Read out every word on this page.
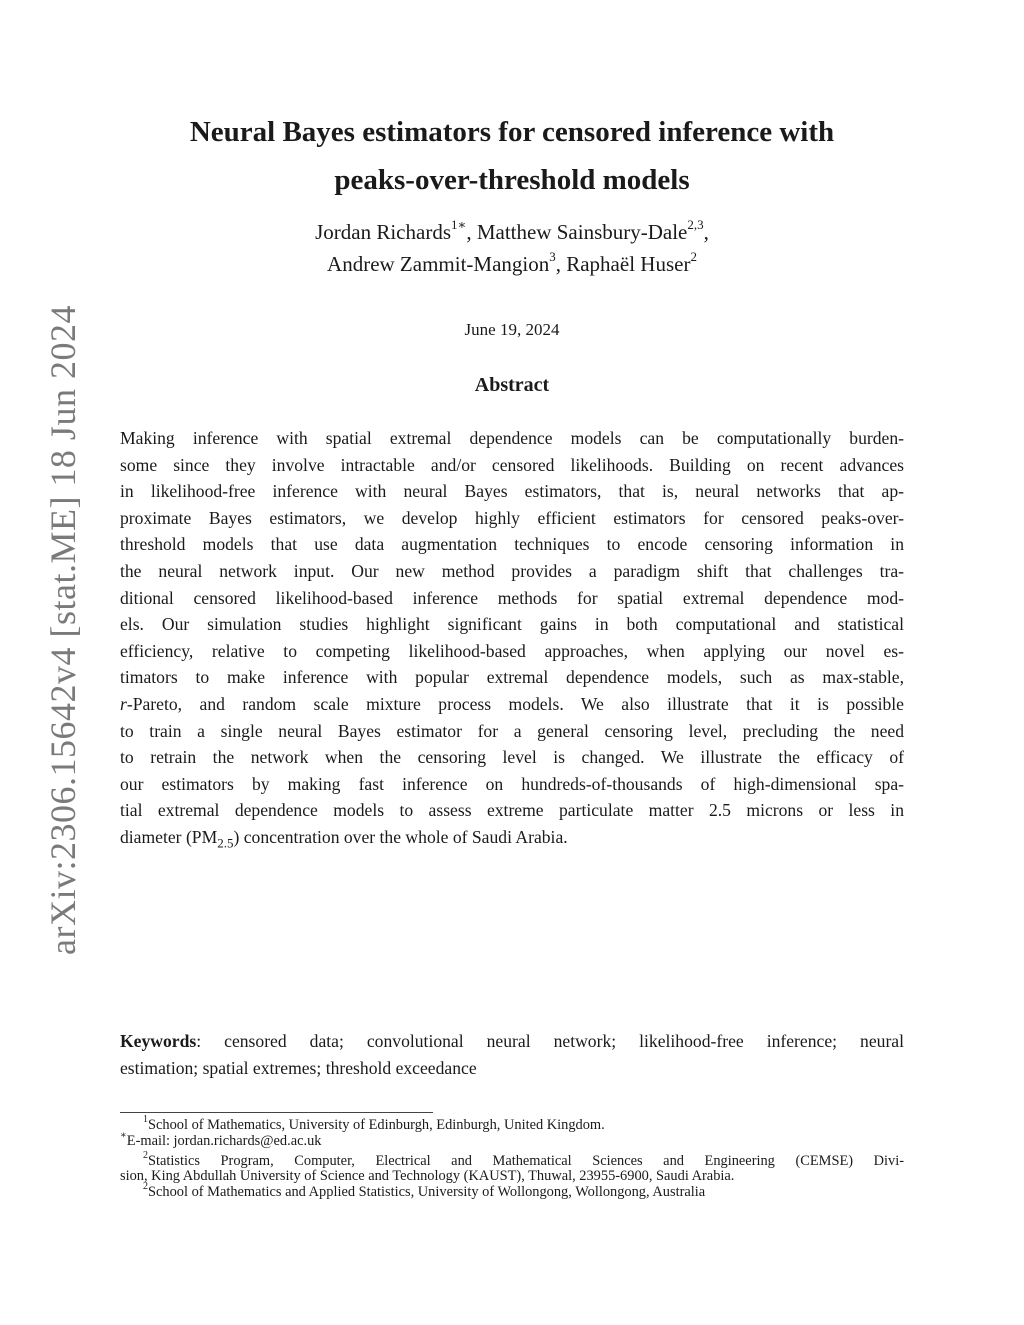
arXiv:2306.15642v4 [stat.ME] 18 Jun 2024
Neural Bayes estimators for censored inference with
peaks-over-threshold models
Jordan Richards$^{1∗}$, Matthew Sainsbury-Dale$^{2,3}$,
Andrew Zammit-Mangion$^3$, Raphaël Huser$^2$
June 19, 2024
Abstract
Making inference with spatial extremal dependence models can be computationally burden-
some since they involve intractable and/or censored likelihoods. Building on recent advances
in likelihood-free inference with neural Bayes estimators, that is, neural networks that ap-
proximate Bayes estimators, we develop highly efficient estimators for censored peaks-over-
threshold models that use data augmentation techniques to encode censoring information in
the neural network input. Our new method provides a paradigm shift that challenges tra-
ditional censored likelihood-based inference methods for spatial extremal dependence mod-
els. Our simulation studies highlight significant gains in both computational and statistical
efficiency, relative to competing likelihood-based approaches, when applying our novel es-
timators to make inference with popular extremal dependence models, such as max-stable,
r-Pareto, and random scale mixture process models. We also illustrate that it is possible
to train a single neural Bayes estimator for a general censoring level, precluding the need
to retrain the network when the censoring level is changed. We illustrate the efficacy of
our estimators by making fast inference on hundreds-of-thousands of high-dimensional spa-
tial extremal dependence models to assess extreme particulate matter 2.5 microns or less in
diameter $(PM_{2.5})$ concentration over the whole of Saudi Arabia.
Keywords: censored data; convolutional neural network; likelihood-free inference; neural
estimation; spatial extremes; threshold exceedance
$^1$School of Mathematics, University of Edinburgh, Edinburgh, United Kingdom.
∗E-mail: jordan.richards@ed.ac.uk
$^2$Statistics Program, Computer, Electrical and Mathematical Sciences and Engineering (CEMSE) Divi-
sion, King Abdullah University of Science and Technology (KAUST), Thuwal, 23955-6900, Saudi Arabia.
$^2$School of Mathematics and Applied Statistics, University of Wollongong, Wollongong, Australia
